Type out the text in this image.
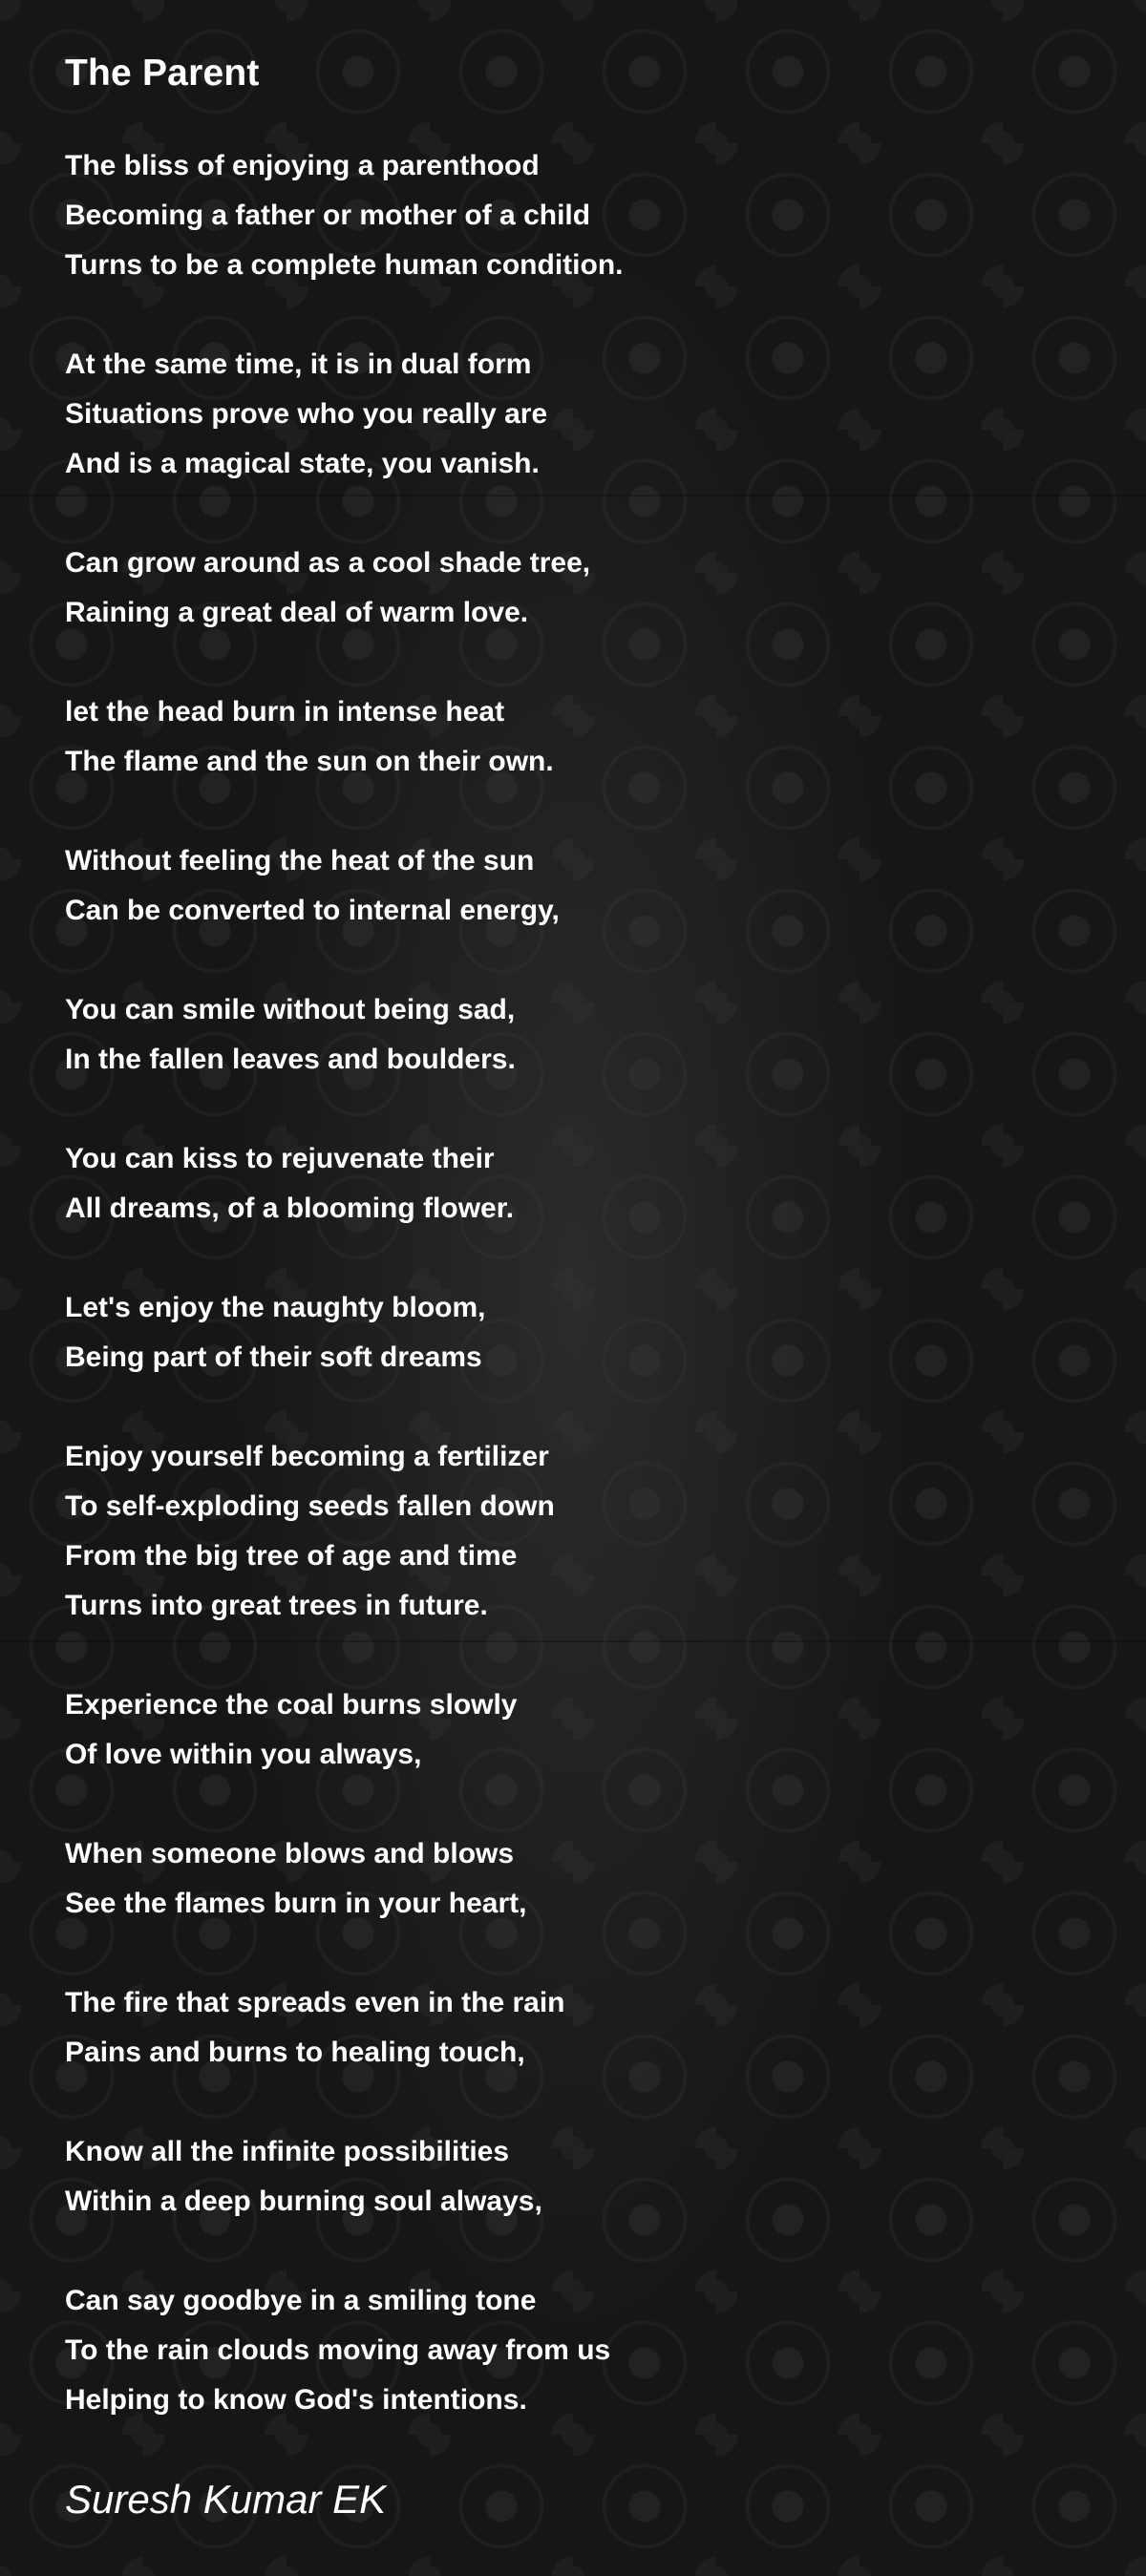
The Parent
The bliss of enjoying a parenthood
Becoming a father or mother of a child
Turns to be a complete human condition.
At the same time, it is in dual form
Situations prove who you really are
And is a magical state, you vanish.
Can grow around as a cool shade tree,
Raining a great deal of warm love.
let the head burn in intense heat
The flame and the sun on their own.
Without feeling the heat of the sun
Can be converted to internal energy,
You can smile without being sad,
In the fallen leaves and boulders.
You can kiss to rejuvenate their
All dreams, of a blooming flower.
Let's enjoy the naughty bloom,
Being part of their soft dreams
Enjoy yourself becoming a fertilizer
To self-exploding seeds fallen down
From the big tree of age and time
Turns into great trees in future.
Experience the coal burns slowly
Of love within you always,
When someone blows and blows
See the flames burn in your heart,
The fire that spreads even in the rain
Pains and burns to healing touch,
Know all the infinite possibilities
Within a deep burning soul always,
Can say goodbye in a smiling tone
To the rain clouds moving away from us
Helping to know God's intentions.
Suresh Kumar EK
